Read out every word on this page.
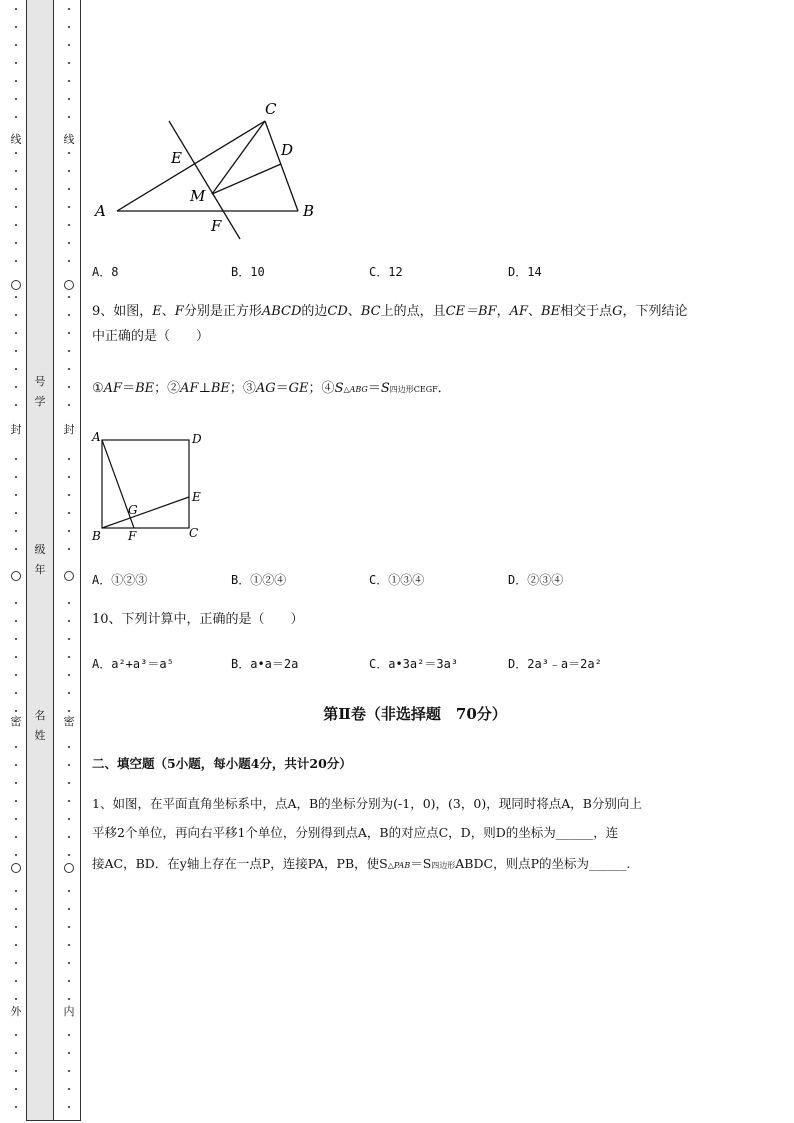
线
封
密
外
号
学
级
年
名
姓
线
封
密
内
A	B
C
D
E
F
M
A．8	B．10	C．12	D．14
9、如图，E、F分别是正方形ABCD的边CD、BC上的点，且CE＝BF，AF、BE相交于点G，下列结论
中正确的是（　　）
①AF＝BE；②AF⊥BE；③AG＝GE；④S△ABG＝S四边形CEGF．
A	D
E
G
B F	C
A．①②③	B．①②④	C．①③④	D．②③④
10、下列计算中，正确的是（　　）
A．a²+a³＝a⁵	B．a•a＝2a	C．a•3a²＝3a³	D．2a³﹣a＝2a²
第Ⅱ卷（非选择题　70分）
二、填空题（5小题，每小题4分，共计20分）
1、如图，在平面直角坐标系中，点A，B的坐标分别为(-1，0)，(3，0)，现同时将点A，B分别向上
平移2个单位，再向右平移1个单位，分别得到点A，B的对应点C，D，则D的坐标为______，连
接AC，BD．在y轴上存在一点P，连接PA，PB，使S△PAB＝S四边形ABDC，则点P的坐标为______.
